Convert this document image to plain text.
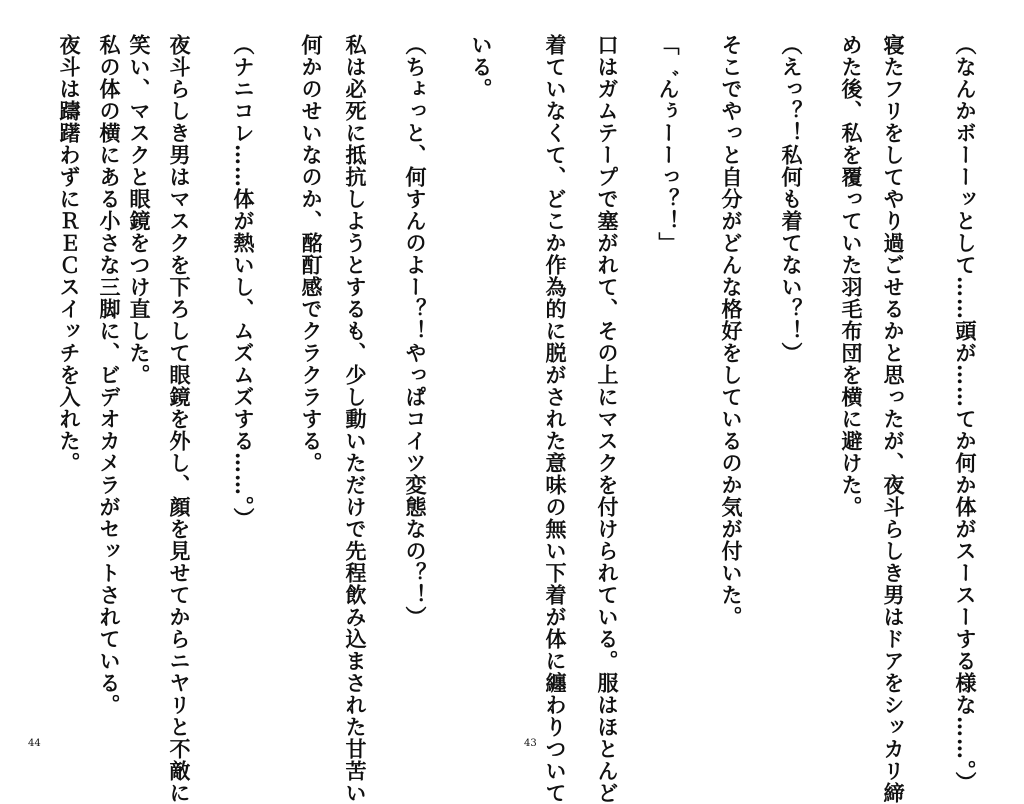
（なんかボーーッとして……頭が……てか何か体がスースーする様な……。）
寝たフリをしてやり過ごせるかと思ったが、夜斗らしき男はドアをシッカリ締
めた後、私を覆っていた羽毛布団を横に避けた。
（えっ？！私何も着てない？！）
そこでやっと自分がどんな格好をしているのか気が付いた。
「゛んぅーーっ？！」
口はガムテープで塞がれて、その上にマスクを付けられている。服はほとんど
着ていなくて、どこか作為的に脱がされた意味の無い下着が体に纏わりついて
いる。
43
（ちょっと、何すんのよー？！やっぱコイツ変態なの？！）
私は必死に抵抗しようとするも、少し動いただけで先程飲み込まされた甘苦い
何かのせいなのか、酩酊感でクラクラする。
（ナニコレ……体が熱いし、ムズムズする……。）
夜斗らしき男はマスクを下ろして眼鏡を外し、顔を見せてからニヤリと不敵に
笑い、マスクと眼鏡をつけ直した。
私の体の横にある小さな三脚に、ビデオカメラがセットされている。
夜斗は躊躇わずにＲＥＣスイッチを入れた。
44
